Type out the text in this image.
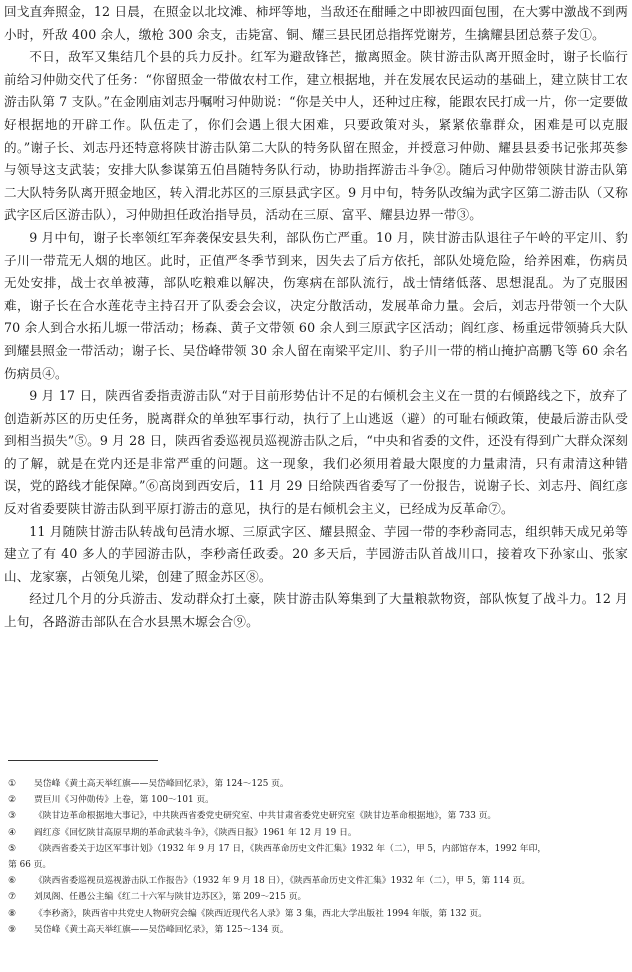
回戈直奔照金，12 日晨，在照金以北坟滩、柿坪等地，当敌还在酣睡之中即被四面包围，在大雾中激战不到两小时，歼敌 400 余人，缴枪 300 余支，击毙富、铜、耀三县民团总指挥党谢芳，生擒耀县团总蔡子发①。

不日，敌军又集结几个县的兵力反扑。红军为避敌锋芒，撤离照金。陕甘游击队离开照金时，谢子长临行前给习仲勋交代了任务：“你留照金一带做农村工作，建立根据地，并在发展农民运动的基础上，建立陕甘工农游击队第 7 支队。”在金刚庙刘志丹嘱咐习仲勋说：“你是关中人，还种过庄稼，能跟农民打成一片，你一定要做好根据地的开辟工作。队伍走了，你们会遇上很大困难，只要政策对头，紧紧依靠群众，困难是可以克服的。”谢子长、刘志丹还特意将陕甘游击队第二大队的特务队留在照金，并授意习仲勋、耀县县委书记张邦英参与领导这支武装；安排大队参谋第五伯昌随特务队行动，协助指挥游击斗争②。随后习仲勋带领陕甘游击队第二大队特务队离开照金地区，转入渭北苏区的三原县武字区。9 月中旬，特务队改编为武字区第二游击队（又称武字区后区游击队），习仲勋担任政治指导员，活动在三原、富平、耀县边界一带③。

9 月中旬，谢子长率领红军奔袭保安县失利，部队伤亡严重。10 月，陕甘游击队退往子午岭的平定川、豹子川一带荒无人烟的地区。此时，正值严冬季节到来，因失去了后方依托，部队处境危险，给养困难，伤病员无处安排，战士衣单被薄，部队吃粮难以解决，伤寒病在部队流行，战士情绪低落、思想混乱。为了克服困难，谢子长在合水莲花寺主持召开了队委会会议，决定分散活动，发展革命力量。会后，刘志丹带领一个大队 70 余人到合水拓儿塬一带活动；杨森、黄子文带领 60 余人到三原武字区活动；阎红彦、杨重远带领骑兵大队到耀县照金一带活动；谢子长、吴岱峰带领 30 余人留在南梁平定川、豹子川一带的梢山掩护高鹏飞等 60 余名伤病员④。

9 月 17 日，陕西省委指责游击队“对于目前形势估计不足的右倾机会主义在一贯的右倾路线之下，放弃了创造新苏区的历史任务，脱离群众的单独军事行动，执行了上山逃返（避）的可耻右倾政策，使最后游击队受到相当损失”⑤。9 月 28 日，陕西省委巡视员巡视游击队之后，“中央和省委的文件，还没有得到广大群众深刻的了解，就是在党内还是非常严重的问题。这一现象，我们必须用着最大限度的力量肃清，只有肃清这种错误，党的路线才能保障。”⑥高岗到西安后，11 月 29 日给陕西省委写了一份报告，说谢子长、刘志丹、阎红彦反对省委要陕甘游击队到平原打游击的意见，执行的是右倾机会主义，已经成为反革命⑦。

11 月随陕甘游击队转战旬邑清水塬、三原武字区、耀县照金、芋园一带的李秒斋同志，组织韩天成兄弟等建立了有 40 多人的芋园游击队，李秒斋任政委。20 多天后，芋园游击队首战川口，接着攻下孙家山、张家山、龙家寨，占领兔儿梁，创建了照金苏区⑧。

经过几个月的分兵游击、发动群众打土豪，陕甘游击队筹集到了大量粮款物资，部队恢复了战斗力。12 月上旬，各路游击部队在合水县黑木塬会合⑨。

①	吴岱峰《黄土高天举红旗——吴岱峰回忆录》，第 124～125 页。
②	贾巨川《习仲勋传》上卷，第 100～101 页。
③	《陕甘边革命根据地大事记》，中共陕西省委党史研究室、中共甘肃省委党史研究室《陕甘边革命根据地》，第 733 页。
④	阎红彦《回忆陕甘高原早期的革命武装斗争》，《陕西日报》1961 年 12 月 19 日。
⑤	《陕西省委关于边区军事计划》（1932 年 9 月 17 日，《陕西革命历史文件汇集》1932 年（二），甲 5，内部馆存本，1992 年印，
第 66 页。
⑥	《陕西省委巡视员巡视游击队工作报告》（1932 年 9 月 18 日），《陕西革命历史文件汇集》1932 年（二），甲 5，第 114 页。
⑦	刘凤阁、任愚公主编《红二十六军与陕甘边苏区》，第 209～215 页。
⑧	《李秒斋》，陕西省中共党史人物研究会编《陕西近现代名人录》第 3 集，西北大学出版社 1994 年版，第 132 页。
⑨	吴岱峰《黄土高天举红旗——吴岱峰回忆录》，第 125～134 页。
